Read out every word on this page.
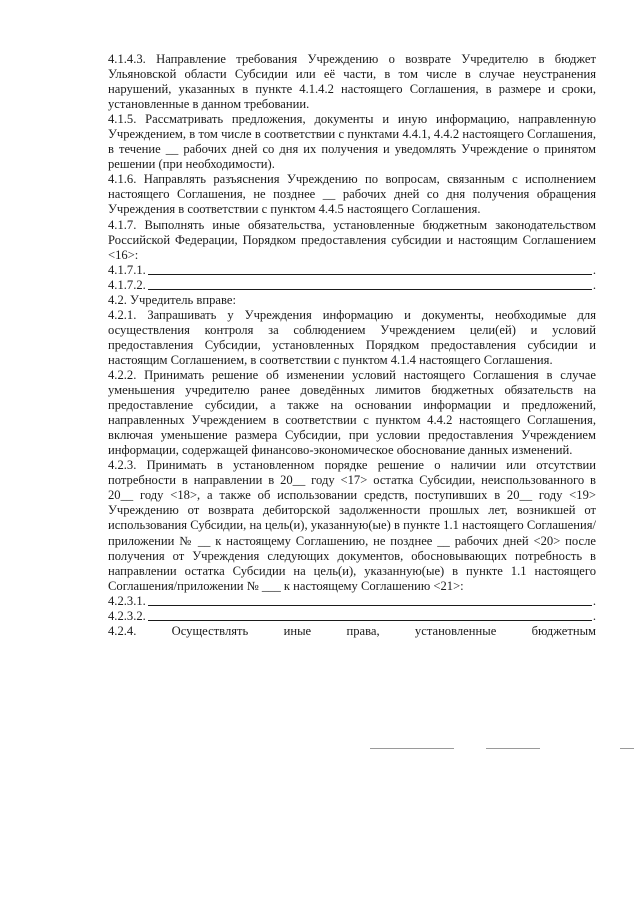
4.1.4.3. Направление требования Учреждению о возврате Учредителю в бюджет Ульяновской области Субсидии или её части, в том числе в случае неустранения нарушений, указанных в пункте 4.1.4.2 настоящего Соглашения, в размере и сроки, установленные в данном требовании.

4.1.5. Рассматривать предложения, документы и иную информацию, направленную Учреждением, в том числе в соответствии с пунктами 4.4.1, 4.4.2 настоящего Соглашения, в течение __ рабочих дней со дня их получения и уведомлять Учреждение о принятом решении (при необходимости).

4.1.6. Направлять разъяснения Учреждению по вопросам, связанным с исполнением настоящего Соглашения, не позднее __ рабочих дней со дня получения обращения Учреждения в соответствии с пунктом 4.4.5 настоящего Соглашения.

4.1.7. Выполнять иные обязательства, установленные бюджетным законодательством Российской Федерации, Порядком предоставления субсидии и настоящим Соглашением <16>:

4.1.7.1.	.
4.1.7.2.	.

4.2. Учредитель вправе:

4.2.1. Запрашивать у Учреждения информацию и документы, необходимые для осуществления контроля за соблюдением Учреждением цели(ей) и условий предоставления Субсидии, установленных Порядком предоставления субсидии и настоящим Соглашением, в соответствии с пунктом 4.1.4 настоящего Соглашения.

4.2.2. Принимать решение об изменении условий настоящего Соглашения в случае уменьшения учредителю ранее доведённых лимитов бюджетных обязательств на предоставление субсидии, а также на основании информации и предложений, направленных Учреждением в соответствии с пунктом 4.4.2 настоящего Соглашения, включая уменьшение размера Субсидии, при условии предоставления Учреждением информации, содержащей финансово-экономическое обоснование данных изменений.

4.2.3. Принимать в установленном порядке решение о наличии или отсутствии потребности в направлении в 20__ году <17> остатка Субсидии, неиспользованного в 20__ году <18>, а также об использовании средств, поступивших в 20__ году <19> Учреждению от возврата дебиторской задолженности прошлых лет, возникшей от использования Субсидии, на цель(и), указанную(ые) в пункте 1.1 настоящего Соглашения/приложении № __ к настоящему Соглашению, не позднее __ рабочих дней <20> после получения от Учреждения следующих документов, обосновывающих потребность в направлении остатка Субсидии на цель(и), указанную(ые) в пункте 1.1 настоящего Соглашения/приложении № ___ к настоящему Соглашению <21>:

4.2.3.1.	.
4.2.3.2.	.

4.2.4. Осуществлять иные права, установленные бюджетным
